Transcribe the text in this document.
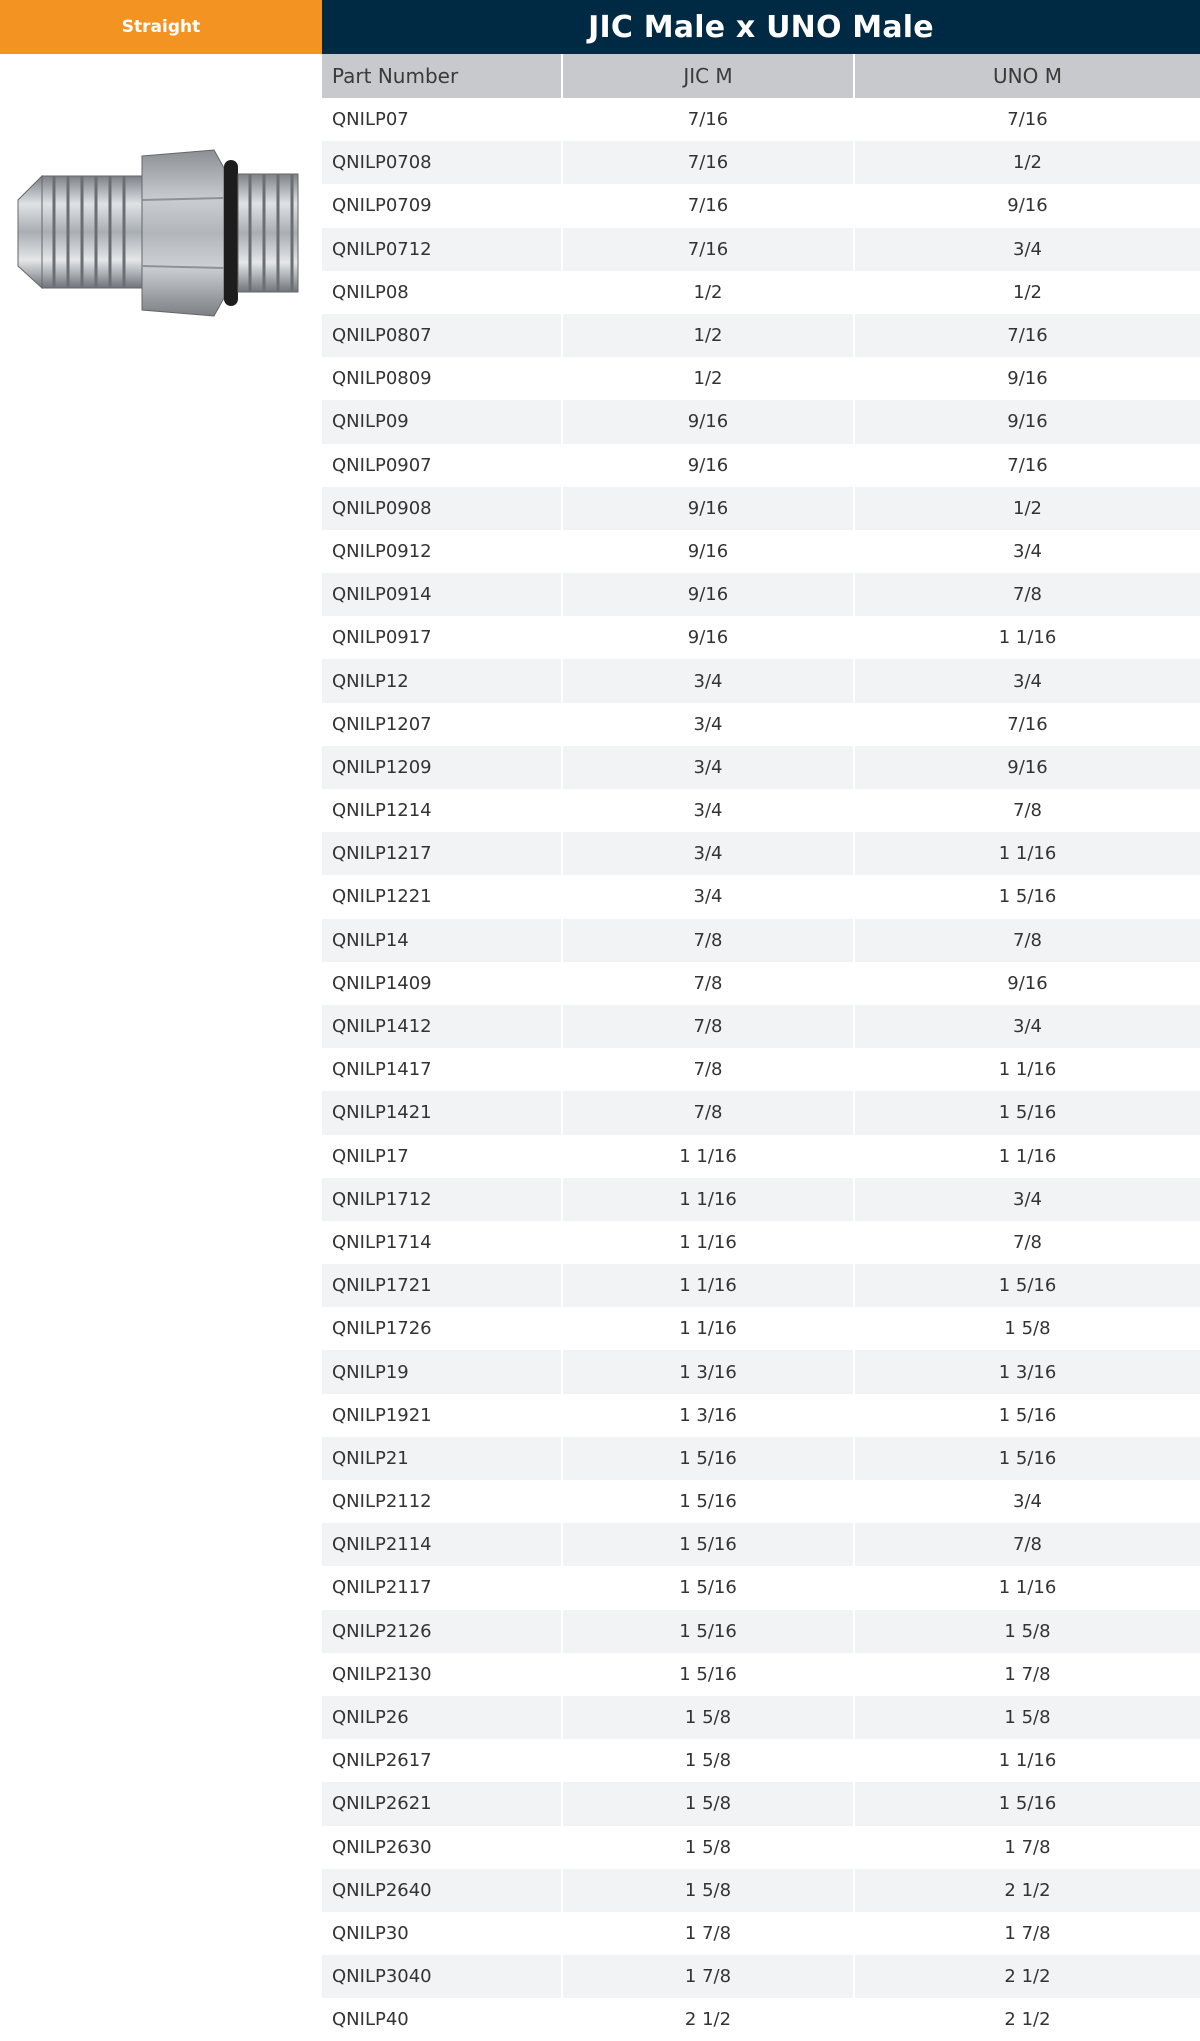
Straight	JIC Male x UNO Male
Part Number	JIC M	UNO M
QNILP07	7/16	7/16
QNILP0708	7/16	1/2
QNILP0709	7/16	9/16
QNILP0712	7/16	3/4
QNILP08	1/2	1/2
QNILP0807	1/2	7/16
QNILP0809	1/2	9/16
QNILP09	9/16	9/16
QNILP0907	9/16	7/16
QNILP0908	9/16	1/2
QNILP0912	9/16	3/4
QNILP0914	9/16	7/8
QNILP0917	9/16	1 1/16
QNILP12	3/4	3/4
QNILP1207	3/4	7/16
QNILP1209	3/4	9/16
QNILP1214	3/4	7/8
QNILP1217	3/4	1 1/16
QNILP1221	3/4	1 5/16
QNILP14	7/8	7/8
QNILP1409	7/8	9/16
QNILP1412	7/8	3/4
QNILP1417	7/8	1 1/16
QNILP1421	7/8	1 5/16
QNILP17	1 1/16	1 1/16
QNILP1712	1 1/16	3/4
QNILP1714	1 1/16	7/8
QNILP1721	1 1/16	1 5/16
QNILP1726	1 1/16	1 5/8
QNILP19	1 3/16	1 3/16
QNILP1921	1 3/16	1 5/16
QNILP21	1 5/16	1 5/16
QNILP2112	1 5/16	3/4
QNILP2114	1 5/16	7/8
QNILP2117	1 5/16	1 1/16
QNILP2126	1 5/16	1 5/8
QNILP2130	1 5/16	1 7/8
QNILP26	1 5/8	1 5/8
QNILP2617	1 5/8	1 1/16
QNILP2621	1 5/8	1 5/16
QNILP2630	1 5/8	1 7/8
QNILP2640	1 5/8	2 1/2
QNILP30	1 7/8	1 7/8
QNILP3040	1 7/8	2 1/2
QNILP40	2 1/2	2 1/2
